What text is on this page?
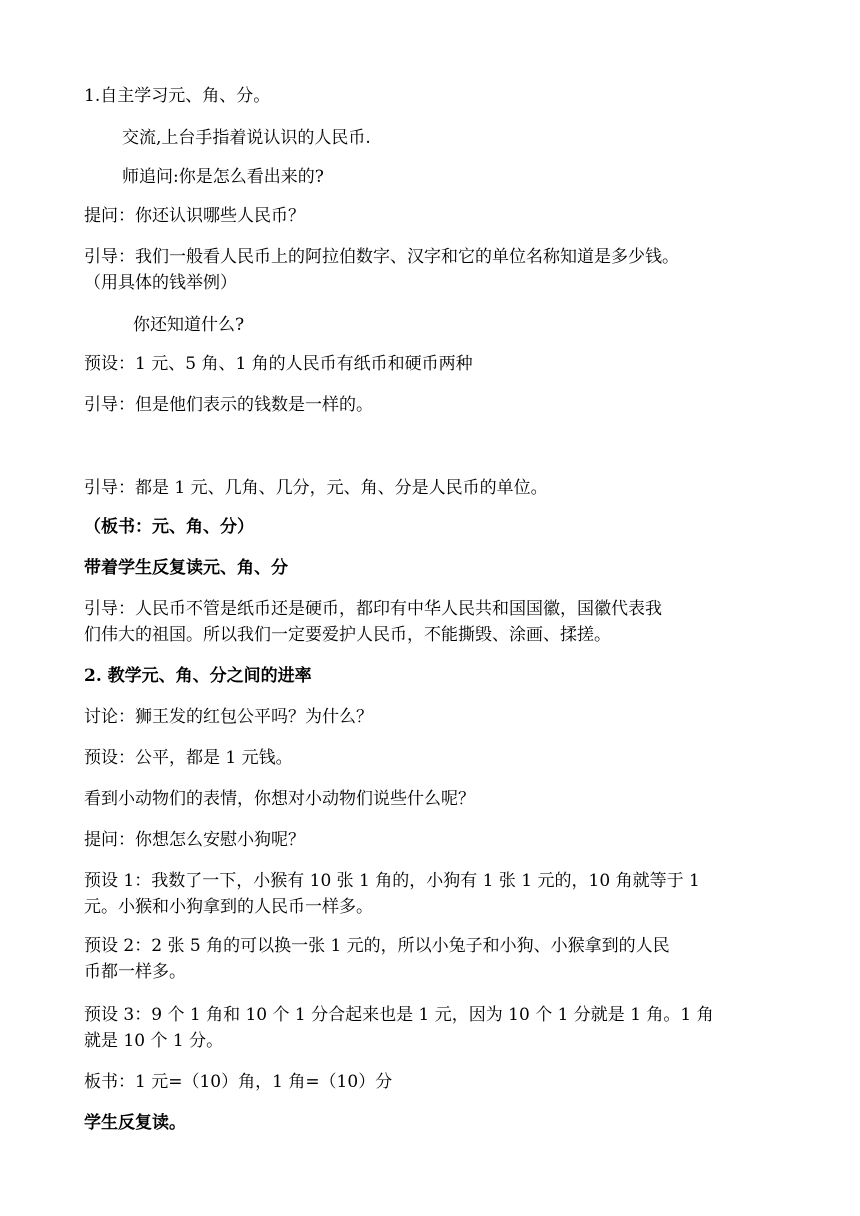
1.自主学习元、角、分。
交流,上台手指着说认识的人民币.
师追问:你是怎么看出来的?
提问：你还认识哪些人民币？
引导：我们一般看人民币上的阿拉伯数字、汉字和它的单位名称知道是多少钱。
（用具体的钱举例）
你还知道什么?
预设：1 元、5 角、1 角的人民币有纸币和硬币两种
引导：但是他们表示的钱数是一样的。
引导：都是 1 元、几角、几分，元、角、分是人民币的单位。
（板书：元、角、分）
带着学生反复读元、角、分
引导：人民币不管是纸币还是硬币，都印有中华人民共和国国徽，国徽代表我
们伟大的祖国。所以我们一定要爱护人民币，不能撕毁、涂画、揉搓。
2. 教学元、角、分之间的进率
讨论：狮王发的红包公平吗？为什么？
预设：公平，都是 1 元钱。
看到小动物们的表情，你想对小动物们说些什么呢？
提问：你想怎么安慰小狗呢？
预设 1：我数了一下，小猴有 10 张 1 角的，小狗有 1 张 1 元的，10 角就等于 1
元。小猴和小狗拿到的人民币一样多。
预设 2：2 张 5 角的可以换一张 1 元的，所以小兔子和小狗、小猴拿到的人民
币都一样多。
预设 3：9 个 1 角和 10 个 1 分合起来也是 1 元，因为 10 个 1 分就是 1 角。1 角
就是 10 个 1 分。
板书：1 元=（10）角，1 角=（10）分
学生反复读。
